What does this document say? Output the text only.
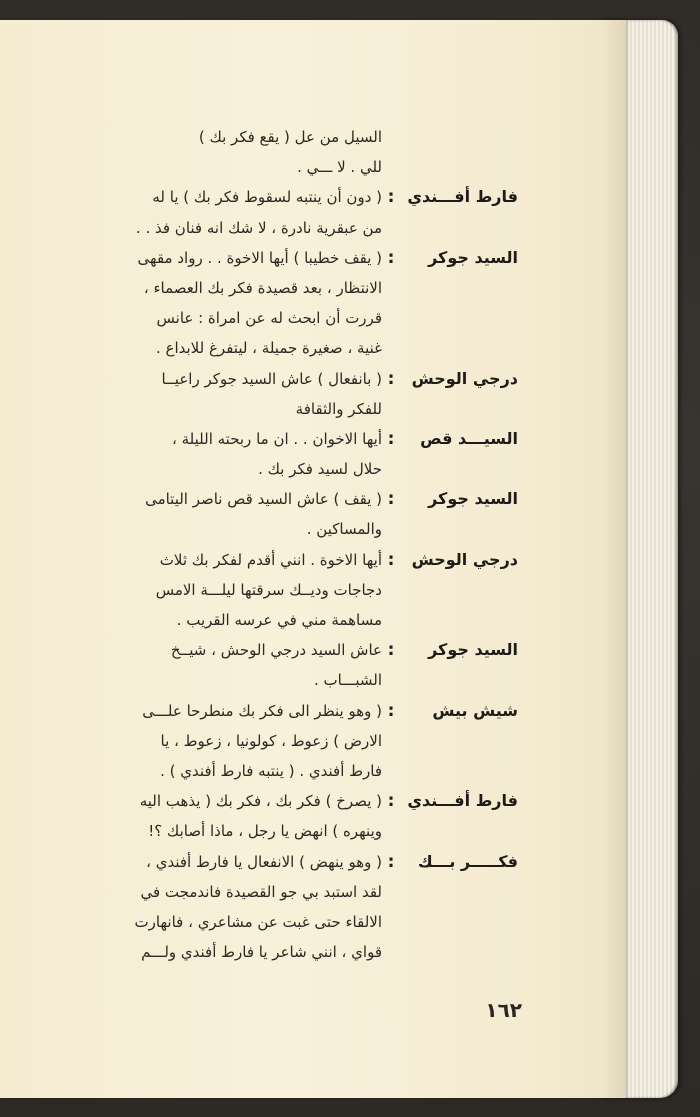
السيل من عل ( يقع فكر بك )
للي . لا ـــي .
فارط أفـــندي
:
( دون أن ينتبه لسقوط فكر بك ) يا له
من عبقرية نادرة ، لا شك انه فنان فذ . .
السيد جوكر
:
( يقف خطيبا ) أيها الاخوة . . رواد مقهى
الانتظار ، بعد قصيدة فكر بك العصماء ،
قررت أن ابحث له عن امراة : عانس
غنية ، صغيرة جميلة ، ليتفرغ للابداع .
درجي الوحش
:
( بانفعال ) عاش السيد جوكر راعيــا
للفكر والثقافة
السيـــد قص
:
أيها الاخوان . . ان ما ربحته الليلة ،
حلال لسيد فكر بك .
السيد جوكر
:
( يقف ) عاش السيد قص ناصر اليتامى
والمساكين .
درجي الوحش
:
أيها الاخوة . انني أقدم لفكر بك ثلاث
دجاجات وديــك سرقتها ليلـــة الامس
مساهمة مني في عرسه القريب .
السيد جوكر
:
عاش السيد درجي الوحش ، شيــخ
الشبـــاب .
شيش بيش
:
( وهو ينظر الى فكر بك منطرحا علـــى
الارض ) زعوط ، كولونيا ، زعوط ، يا
فارط أفندي . ( ينتبه فارط أفندي ) .
فارط أفـــندي
:
( يصرخ ) فكر بك ، فكر بك ( يذهب اليه
وينهره ) انهض يا رجل ، ماذا أصابك ؟!
فكـــــر بـــك
:
( وهو ينهض ) الانفعال يا فارط أفندي ،
لقد استبد بي جو القصيدة فاندمجت في
الالقاء حتى غبت عن مشاعري ، فانهارت
قواي ، انني شاعر يا فارط أفندي ولـــم
١٦٢
